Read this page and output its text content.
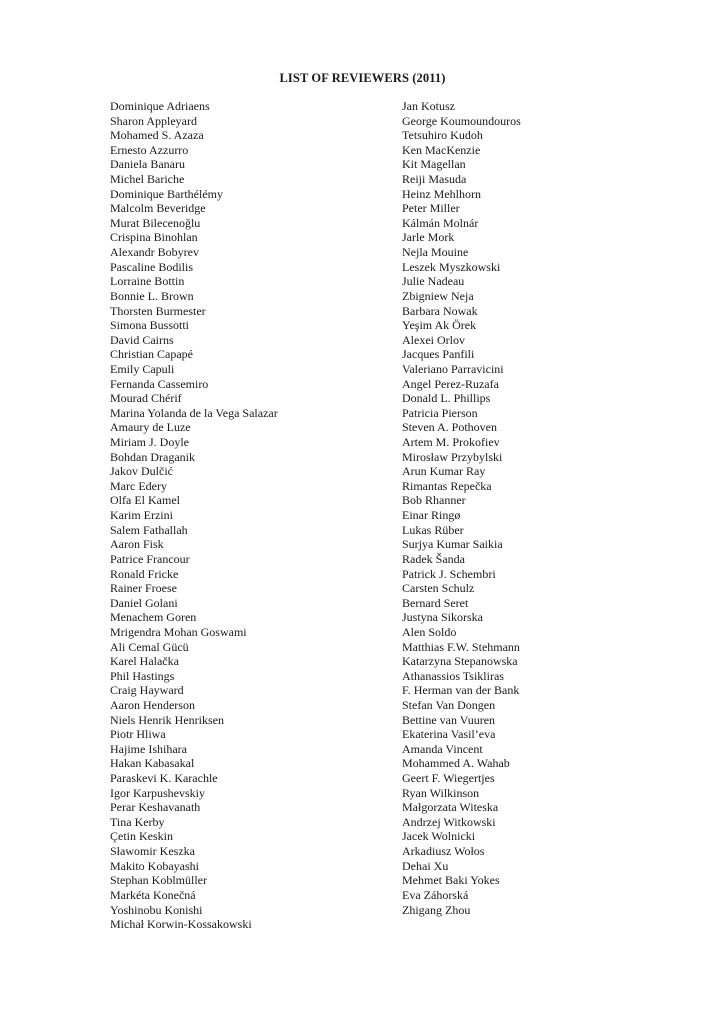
LIST OF REVIEWERS (2011)
Dominique Adriaens
Sharon Appleyard
Mohamed S. Azaza
Ernesto Azzurro
Daniela Banaru
Michel Bariche
Dominique Barthélémy
Malcolm Beveridge
Murat Bilecenoğlu
Crispina Binohlan
Alexandr Bobyrev
Pascaline Bodilis
Lorraine Bottin
Bonnie L. Brown
Thorsten Burmester
Simona Bussotti
David Cairns
Christian Capapé
Emily Capuli
Fernanda Cassemiro
Mourad Chérif
Marina Yolanda de la Vega Salazar
Amaury de Luze
Miriam J. Doyle
Bohdan Draganik
Jakov Dulčić
Marc Edery
Olfa El Kamel
Karim Erzini
Salem Fathallah
Aaron Fisk
Patrice Francour
Ronald Fricke
Rainer Froese
Daniel Golani
Menachem Goren
Mrigendra Mohan Goswami
Ali Cemal Gücü
Karel Halačka
Phil Hastings
Craig Hayward
Aaron Henderson
Niels Henrik Henriksen
Piotr Hliwa
Hajime Ishihara
Hakan Kabasakal
Paraskevi K. Karachle
Igor Karpushevskiy
Perar Keshavanath
Tina Kerby
Çetin Keskin
Sławomir Keszka
Makito Kobayashi
Stephan Koblmüller
Markéta Konečná
Yoshinobu Konishi
Michał Korwin-Kossakowski
Jan Kotusz
George Koumoundouros
Tetsuhiro Kudoh
Ken MacKenzie
Kit Magellan
Reiji Masuda
Heinz Mehlhorn
Peter Miller
Kálmán Molnár
Jarle Mork
Nejla Mouine
Leszek Myszkowski
Julie Nadeau
Zbigniew Neja
Barbara Nowak
Yeşim Ak Örek
Alexei Orlov
Jacques Panfili
Valeriano Parravicini
Angel Perez-Ruzafa
Donald L. Phillips
Patricia Pierson
Steven A. Pothoven
Artem M. Prokofiev
Mirosław Przybylski
Arun Kumar Ray
Rimantas Repečka
Bob Rhanner
Einar Ringø
Lukas Rüber
Surjya Kumar Saikia
Radek Šanda
Patrick J. Schembri
Carsten Schulz
Bernard Seret
Justyna Sikorska
Alen Soldo
Matthias F.W. Stehmann
Katarzyna Stepanowska
Athanassios Tsikliras
F. Herman van der Bank
Stefan Van Dongen
Bettine van Vuuren
Ekaterina Vasil’eva
Amanda Vincent
Mohammed A. Wahab
Geert F. Wiegertjes
Ryan Wilkinson
Małgorzata Witeska
Andrzej Witkowski
Jacek Wolnicki
Arkadiusz Wołos
Dehai Xu
Mehmet Baki Yokes
Eva Záhorská
Zhigang Zhou
